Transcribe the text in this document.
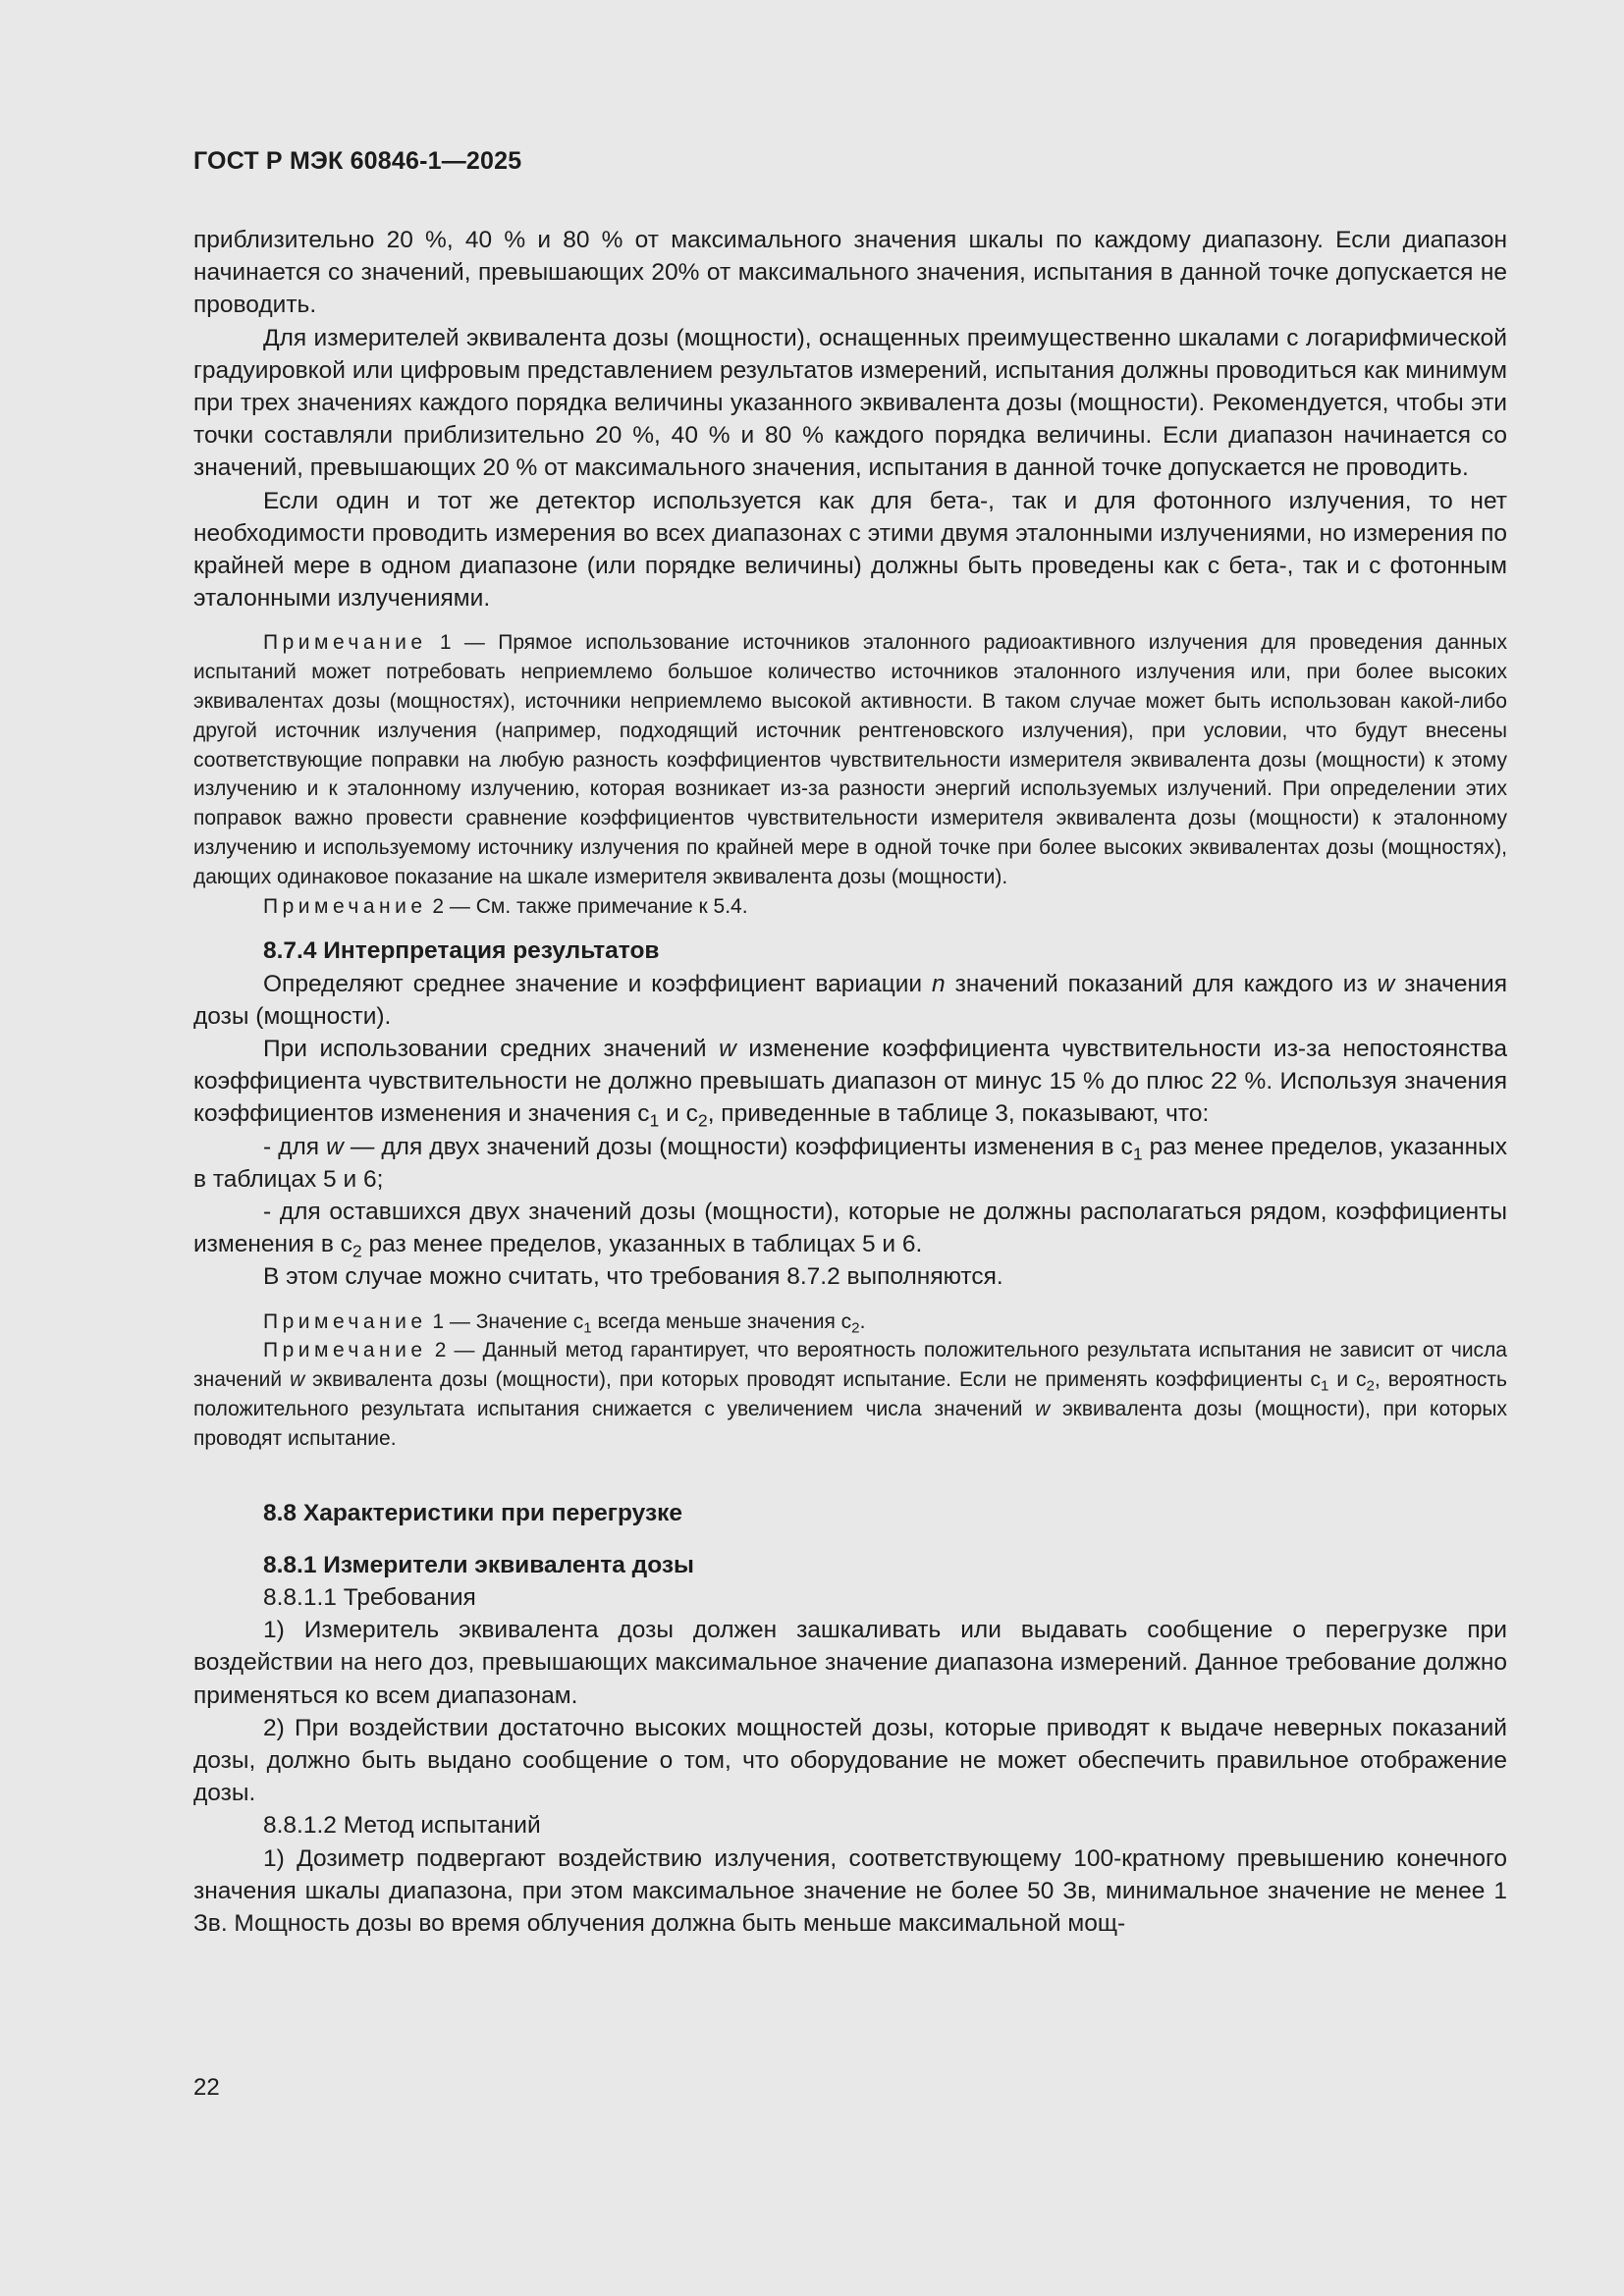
ГОСТ Р МЭК 60846-1—2025

приблизительно 20 %, 40 % и 80 % от максимального значения шкалы по каждому диапазону. Если диапазон начинается со значений, превышающих 20% от максимального значения, испытания в данной точке допускается не проводить.

Для измерителей эквивалента дозы (мощности), оснащенных преимущественно шкалами с логарифмической градуировкой или цифровым представлением результатов измерений, испытания должны проводиться как минимум при трех значениях каждого порядка величины указанного эквивалента дозы (мощности). Рекомендуется, чтобы эти точки составляли приблизительно 20 %, 40 % и 80 % каждого порядка величины. Если диапазон начинается со значений, превышающих 20 % от максимального значения, испытания в данной точке допускается не проводить.

Если один и тот же детектор используется как для бета-, так и для фотонного излучения, то нет необходимости проводить измерения во всех диапазонах с этими двумя эталонными излучениями, но измерения по крайней мере в одном диапазоне (или порядке величины) должны быть проведены как с бета-, так и с фотонным эталонными излучениями.

Примечание 1 — Прямое использование источников эталонного радиоактивного излучения для проведения данных испытаний может потребовать неприемлемо большое количество источников эталонного излучения или, при более высоких эквивалентах дозы (мощностях), источники неприемлемо высокой активности. В таком случае может быть использован какой-либо другой источник излучения (например, подходящий источник рентгеновского излучения), при условии, что будут внесены соответствующие поправки на любую разность коэффициентов чувствительности измерителя эквивалента дозы (мощности) к этому излучению и к эталонному излучению, которая возникает из-за разности энергий используемых излучений. При определении этих поправок важно провести сравнение коэффициентов чувствительности измерителя эквивалента дозы (мощности) к эталонному излучению и используемому источнику излучения по крайней мере в одной точке при более высоких эквивалентах дозы (мощностях), дающих одинаковое показание на шкале измерителя эквивалента дозы (мощности).

Примечание 2 — См. также примечание к 5.4.

8.7.4 Интерпретация результатов

Определяют среднее значение и коэффициент вариации n значений показаний для каждого из w значения дозы (мощности).

При использовании средних значений w изменение коэффициента чувствительности из-за непостоянства коэффициента чувствительности не должно превышать диапазон от минус 15 % до плюс 22 %. Используя значения коэффициентов изменения и значения $c_1$ и $c_2$, приведенные в таблице 3, показывают, что:

- для w — для двух значений дозы (мощности) коэффициенты изменения в $c_1$ раз менее пределов, указанных в таблицах 5 и 6;

- для оставшихся двух значений дозы (мощности), которые не должны располагаться рядом, коэффициенты изменения в $c_2$ раз менее пределов, указанных в таблицах 5 и 6.

В этом случае можно считать, что требования 8.7.2 выполняются.

Примечание 1 — Значение $c_1$ всегда меньше значения $c_2$.

Примечание 2 — Данный метод гарантирует, что вероятность положительного результата испытания не зависит от числа значений w эквивалента дозы (мощности), при которых проводят испытание. Если не применять коэффициенты $c_1$ и $c_2$, вероятность положительного результата испытания снижается с увеличением числа значений w эквивалента дозы (мощности), при которых проводят испытание.

8.8 Характеристики при перегрузке

8.8.1 Измерители эквивалента дозы

8.8.1.1 Требования

1) Измеритель эквивалента дозы должен зашкаливать или выдавать сообщение о перегрузке при воздействии на него доз, превышающих максимальное значение диапазона измерений. Данное требование должно применяться ко всем диапазонам.

2) При воздействии достаточно высоких мощностей дозы, которые приводят к выдаче неверных показаний дозы, должно быть выдано сообщение о том, что оборудование не может обеспечить правильное отображение дозы.

8.8.1.2 Метод испытаний

1) Дозиметр подвергают воздействию излучения, соответствующему 100-кратному превышению конечного значения шкалы диапазона, при этом максимальное значение не более 50 Зв, минимальное значение не менее 1 Зв. Мощность дозы во время облучения должна быть меньше максимальной мощ-

22
